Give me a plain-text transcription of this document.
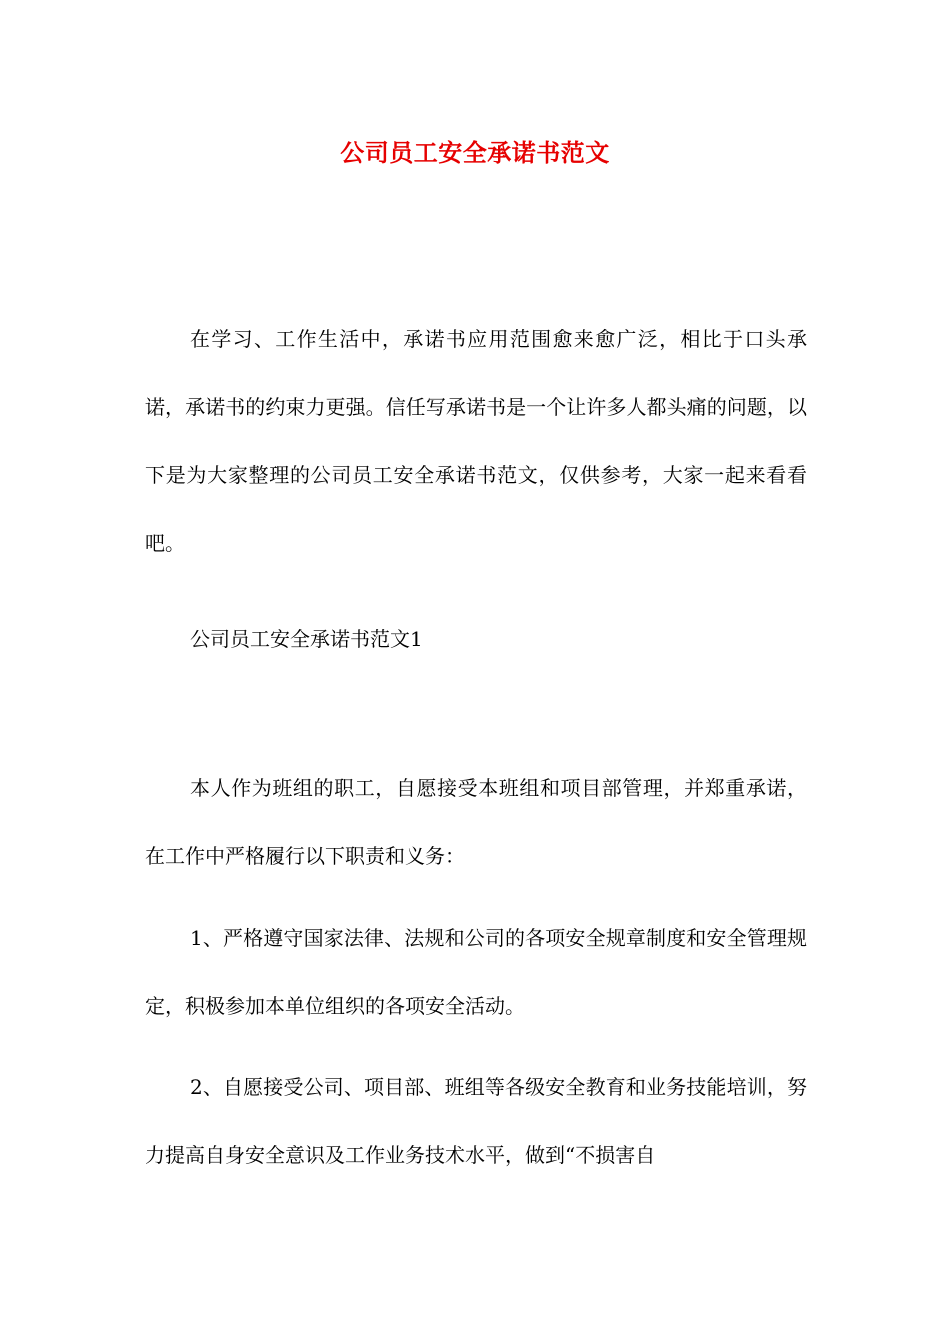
公司员工安全承诺书范文

在学习、工作生活中，承诺书应用范围愈来愈广泛，相比于口头承诺，承诺书的约束力更强。信任写承诺书是一个让许多人都头痛的问题，以下是为大家整理的公司员工安全承诺书范文，仅供参考，大家一起来看看吧。

公司员工安全承诺书范文1

本人作为班组的职工，自愿接受本班组和项目部管理，并郑重承诺，在工作中严格履行以下职责和义务：

1、严格遵守国家法律、法规和公司的各项安全规章制度和安全管理规定，积极参加本单位组织的各项安全活动。

2、自愿接受公司、项目部、班组等各级安全教育和业务技能培训，努力提高自身安全意识及工作业务技术水平，做到“不损害自
